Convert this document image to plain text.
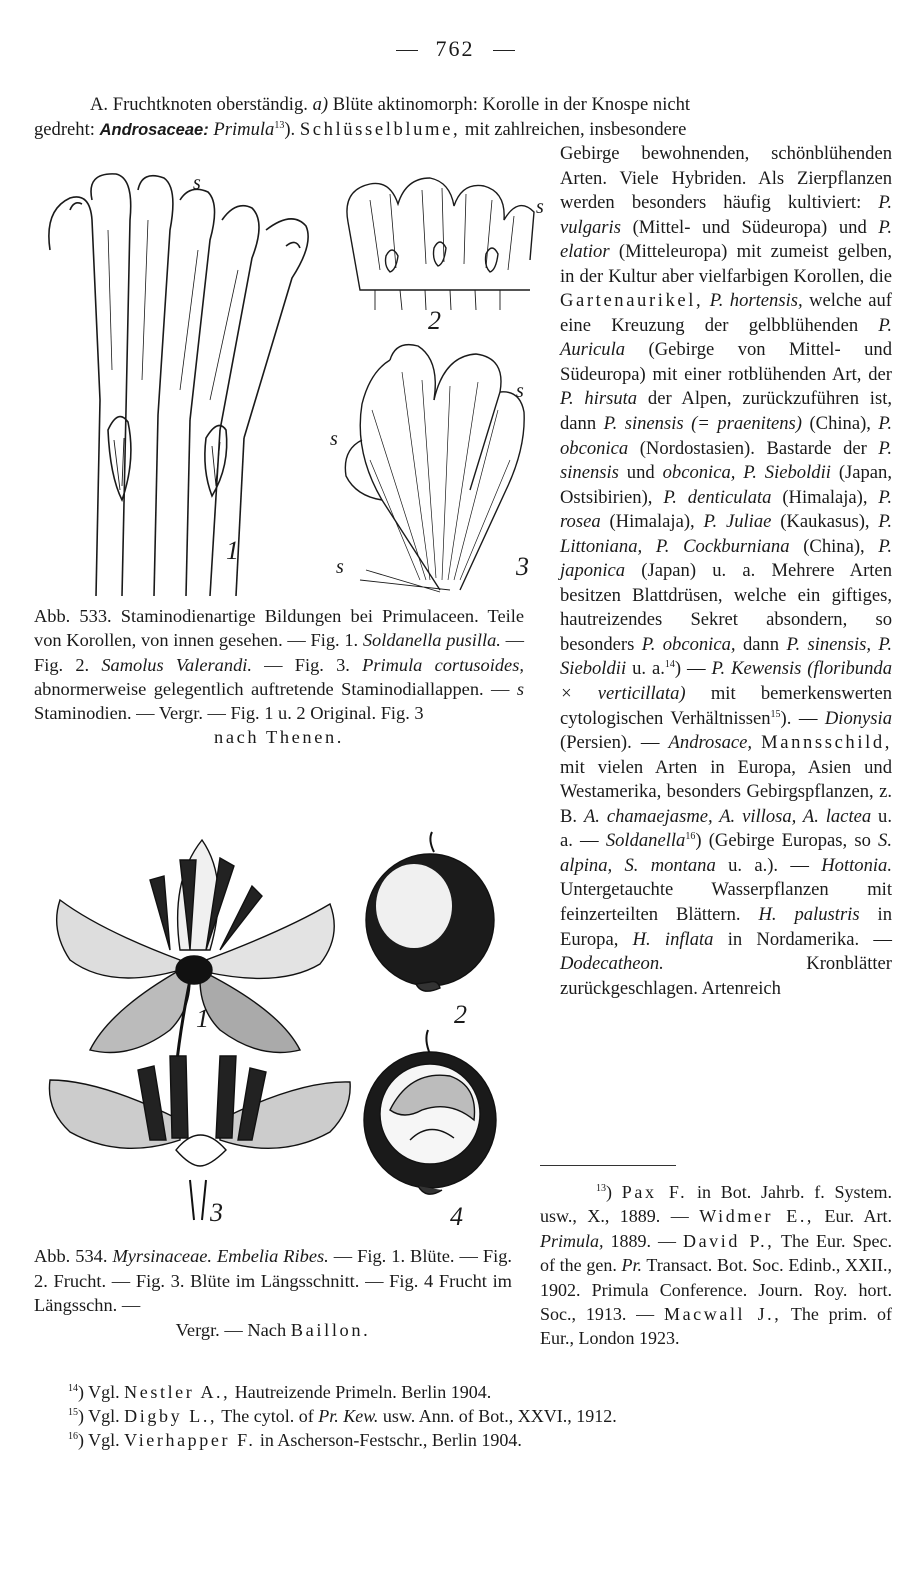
762
A. Fruchtknoten oberständig. a) Blüte aktinomorph: Korolle in der Knospe nicht
gedreht: Androsaceae: Primula$^{13}$). Schlüsselblume, mit zahlreichen, insbesondere

Gebirge bewohnenden, schönblühenden Arten. Viele Hybriden. Als Zierpflanzen werden besonders häufig kultiviert: P. vulgaris (Mittel- und Südeuropa) und P. elatior (Mitteleuropa) mit zumeist gelben, in der Kultur aber vielfarbigen Korollen, die Gartenaurikel, P. hortensis, welche auf eine Kreuzung der gelbblühenden P. Auricula (Gebirge von Mittel- und Südeuropa) mit einer rotblühenden Art, der P. hirsuta der Alpen, zurückzuführen ist, dann P. sinensis (= praenitens) (China), P. obconica (Nordostasien). Bastarde der P. sinensis und obconica, P. Sieboldii (Japan, Ostsibirien), P. denticulata (Himalaja), P. rosea (Himalaja), P. Juliae (Kaukasus), P. Littoniana, P. Cockburniana (China), P. japonica (Japan) u. a. Mehrere Arten besitzen Blattdrüsen, welche ein giftiges, hautreizendes Sekret absondern, so besonders P. obconica, dann P. sinensis, P. Sieboldii u. a.$^{14}$) — P. Kewensis (floribunda × verticillata) mit bemerkenswerten cytologischen Verhältnissen$^{15}$). — Dionysia (Persien). — Androsace, Mannsschild, mit vielen Arten in Europa, Asien und Westamerika, besonders Gebirgspflanzen, z. B. A. chamaejasme, A. villosa, A. lactea u. a. — Soldanella$^{16}$) (Gebirge Europas, so S. alpina, S. montana u. a.). — Hottonia. Untergetauchte Wasserpflanzen mit feinzerteilten Blättern. H. palustris in Europa, H. inflata in Nordamerika. — Dodecatheon.	Kronblätter zurückgeschlagen. Artenreich

s
s
s
s
s
1
2
3

Abb. 533. Staminodienartige Bildungen bei Primulaceen. Teile von Korollen, von innen gesehen. — Fig. 1. Soldanella pusilla. — Fig. 2. Samolus Valerandi. — Fig. 3. Primula cortusoides, abnormerweise gelegentlich auftretende Staminodiallappen. — s Staminodien. — Vergr. — Fig. 1 u. 2 Original. Fig. 3

nach Thenen.

1	2
3	4

Abb. 534. Myrsinaceae. Embelia Ribes. — Fig. 1. Blüte. — Fig. 2. Frucht. — Fig. 3. Blüte im Längsschnitt. — Fig. 4 Frucht im Längsschn. —

Vergr. — Nach Baillon.

$^{13}$) Pax F. in Bot. Jahrb. f. System. usw., X., 1889. — Widmer E., Eur. Art. Primula, 1889. — David P., The Eur. Spec. of the gen. Pr. Transact. Bot. Soc. Edinb., XXII., 1902. Primula Conference. Journ. Roy. hort. Soc., 1913. — Macwall J., The prim. of Eur., London 1923.

$^{14}$) Vgl. Nestler A., Hautreizende Primeln. Berlin 1904.

$^{15}$) Vgl. Digby L., The cytol. of Pr. Kew. usw. Ann. of Bot., XXVI., 1912.

$^{16}$) Vgl. Vierhapper F. in Ascherson-Festschr., Berlin 1904.
